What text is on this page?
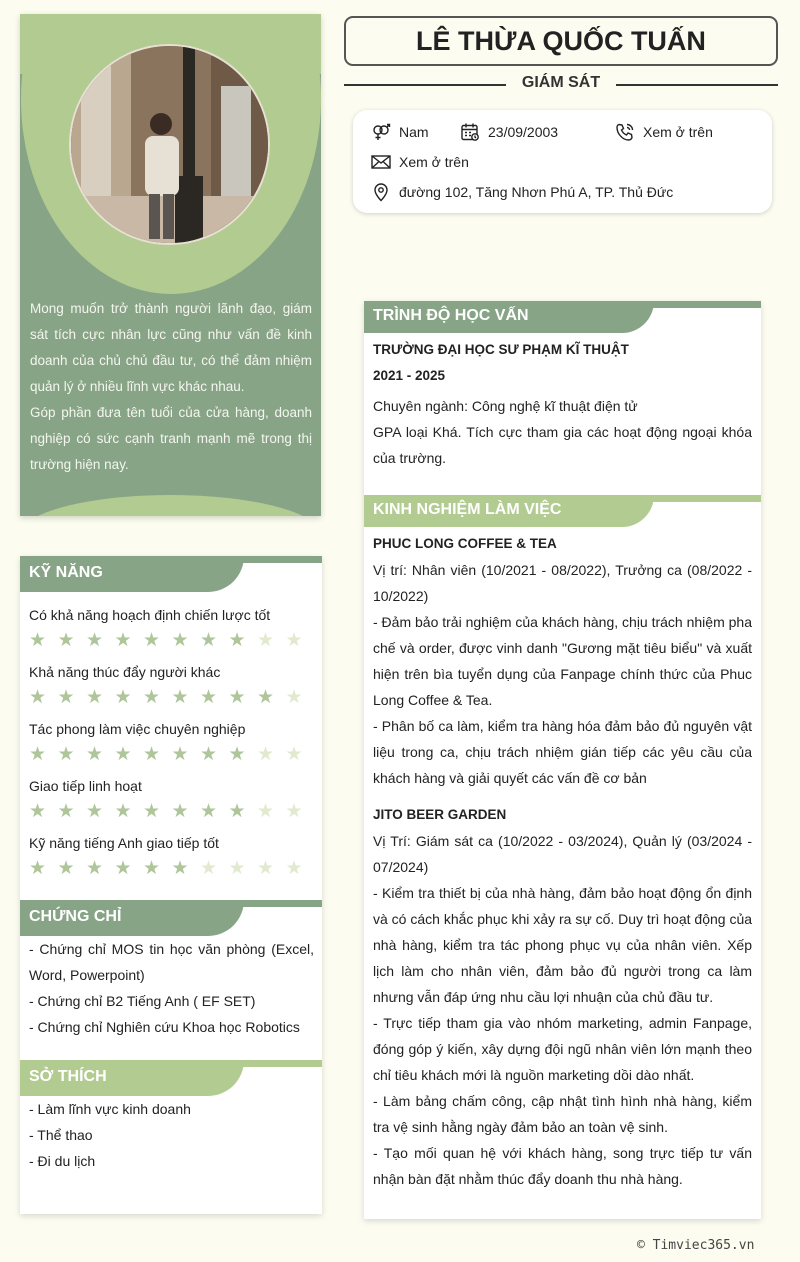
Mong muốn trở thành người lãnh đạo, giám sát tích cực nhân lực cũng như vấn đề kinh doanh của chủ chủ đầu tư, có thể đảm nhiệm quản lý ở nhiều lĩnh vực khác nhau.

Góp phần đưa tên tuổi của cửa hàng, doanh nghiệp có sức cạnh tranh mạnh mẽ trong thị trường hiện nay.

KỸ NĂNG
Có khả năng hoạch định chiến lược tốt
★ ★ ★ ★ ★ ★ ★ ★ ★ ★
Khả năng thúc đẩy người khác
★ ★ ★ ★ ★ ★ ★ ★ ★ ★
Tác phong làm việc chuyên nghiệp
★ ★ ★ ★ ★ ★ ★ ★ ★ ★
Giao tiếp linh hoạt
★ ★ ★ ★ ★ ★ ★ ★ ★ ★
Kỹ năng tiếng Anh giao tiếp tốt
★ ★ ★ ★ ★ ★ ★ ★ ★ ★
CHỨNG CHỈ
- Chứng chỉ MOS tin học văn phòng (Excel, Word, Powerpoint)
- Chứng chỉ B2 Tiếng Anh ( EF SET)
- Chứng chỉ Nghiên cứu Khoa học Robotics
SỞ THÍCH
- Làm lĩnh vực kinh doanh
- Thể thao
- Đi du lịch
LÊ THỪA QUỐC TUẤN
GIÁM SÁT
Nam	23/09/2003	Xem ở trên
Xem ở trên
đường 102, Tăng Nhơn Phú A, TP. Thủ Đức
TRÌNH ĐỘ HỌC VẤN
TRƯỜNG ĐẠI HỌC SƯ PHẠM KĨ THUẬT
2021 - 2025
Chuyên ngành: Công nghệ kĩ thuật điện tử
GPA loại Khá. Tích cực tham gia các hoạt động ngoại khóa của trường.
KINH NGHIỆM LÀM VIỆC
PHUC LONG COFFEE & TEA
Vị trí: Nhân viên (10/2021 - 08/2022), Trưởng ca (08/2022 - 10/2022)
- Đảm bảo trải nghiệm của khách hàng, chịu trách nhiệm pha chế và order, được vinh danh "Gương mặt tiêu biểu" và xuất hiện trên bìa tuyển dụng của Fanpage chính thức của Phuc Long Coffee & Tea.
- Phân bố ca làm, kiểm tra hàng hóa đảm bảo đủ nguyên vật liệu trong ca, chịu trách nhiệm gián tiếp các yêu cầu của khách hàng và giải quyết các vấn đề cơ bản
JITO BEER GARDEN
Vị Trí: Giám sát ca (10/2022 - 03/2024), Quản lý (03/2024 - 07/2024)
- Kiểm tra thiết bị của nhà hàng, đảm bảo hoạt động ổn định và có cách khắc phục khi xảy ra sự cố. Duy trì hoạt động của nhà hàng, kiểm tra tác phong phục vụ của nhân viên. Xếp lịch làm cho nhân viên, đảm bảo đủ người trong ca làm nhưng vẫn đáp ứng nhu cầu lợi nhuận của chủ đầu tư.
- Trực tiếp tham gia vào nhóm marketing, admin Fanpage, đóng góp ý kiến, xây dựng đội ngũ nhân viên lớn mạnh theo chỉ tiêu khách mới là nguồn marketing dồi dào nhất.
- Làm bảng chấm công, cập nhật tình hình nhà hàng, kiểm tra vệ sinh hằng ngày đảm bảo an toàn vệ sinh.
- Tạo mối quan hệ với khách hàng, song trực tiếp tư vấn nhận bàn đặt nhằm thúc đẩy doanh thu nhà hàng.
© Timviec365.vn
